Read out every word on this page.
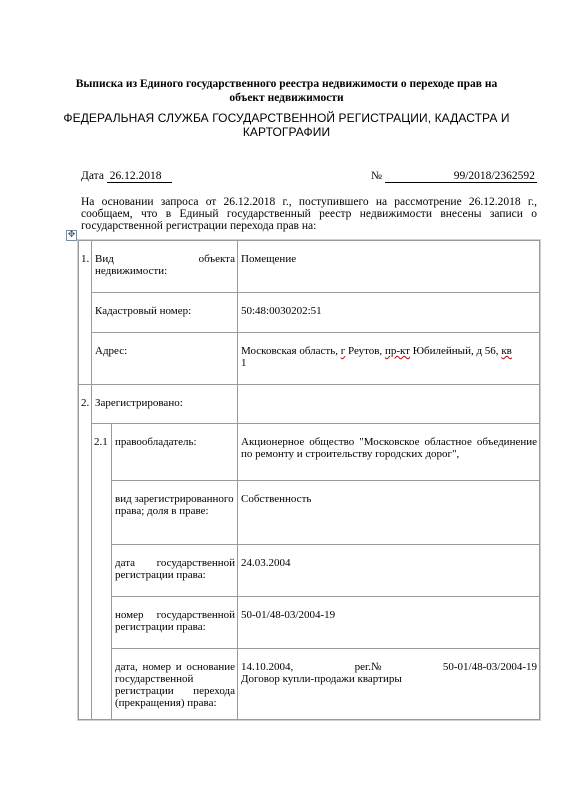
Выписка из Единого государственного реестра недвижимости о переходе прав на
объект недвижимости
ФЕДЕРАЛЬНАЯ СЛУЖБА ГОСУДАРСТВЕННОЙ РЕГИСТРАЦИИ, КАДАСТРА И
КАРТОГРАФИИ
Дата 26.12.2018	№	99/2018/2362592
На основании запроса от 26.12.2018 г., поступившего на рассмотрение 26.12.2018 г., сообщаем, что в Единый государственный реестр недвижимости внесены записи о государственной регистрации перехода прав на:
✥
1.	Вид объекта
недвижимости:		Помещение
	Кадастровый номер:		50:48:0030202:51
	Адрес:		Московская область, г Реутов, пр-кт Юбилейный, д 56, кв
1
2.	Зарегистрировано:		
	2.1	правообладатель:	Акционерное общество "Московское областное объединение по ремонту и строительству городских дорог",
		вид зарегистрированного права; доля в праве:	Собственность
		дата государственной регистрации права:	24.03.2004
		номер государственной регистрации права:	50-01/48-03/2004-19
		дата, номер и основание государственной регистрации перехода (прекращения) права:	14.10.2004, рег.№ 50-01/48-03/2004-19
Договор купли-продажи квартиры
